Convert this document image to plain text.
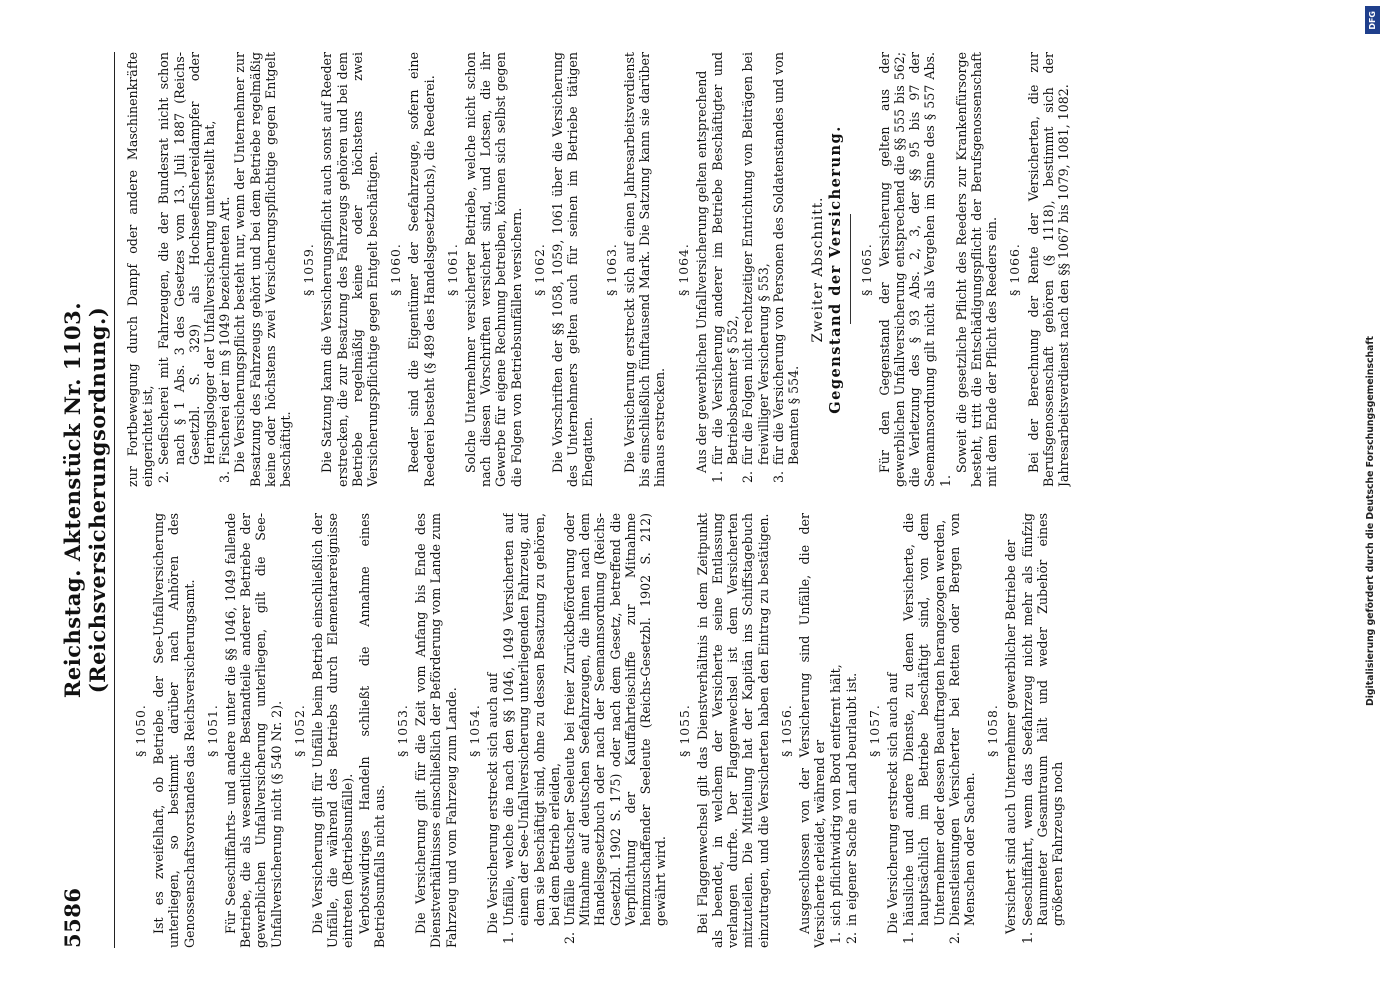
5586
Reichstag. Aktenstück Nr. 1103. (Reichsversicherungsordnung.)
§ 1050. Ist es zweifelhaft, ob Betriebe der See-Unfallversicherung unterliegen, so bestimmt darüber nach Anhören des Genossenschaftsvorstandes das Reichsversicherungsamt. § 1051. Für Seeschiffahrts- und andere unter die §§ 1046, 1049 fallende Betriebe, die als wesentliche Bestandteile anderer Betriebe der gewerblichen Unfallversicherung unterliegen, gilt die See-Unfallversicherung nicht (§ 540 Nr. 2). § 1052. Die Versicherung gilt für Unfälle beim Betrieb einschließlich der Unfälle, die während des Betriebs durch Elementarereignisse eintreten (Betriebsunfälle). Verbotswidriges Handeln schließt die Annahme eines Betriebsunfalls nicht aus.

§ 1053. Die Versicherung gilt für die Zeit vom Anfang bis Ende des Dienstverhältnisses einschließlich der Beförderung vom Lande zum Fahrzeug und vom Fahrzeug zum Lande. § 1054. Die Versicherung erstreckt sich auch auf

1.
Unfälle, welche die nach den §§ 1046, 1049 Versicherten auf einem der See-Unfallversicherung unterliegenden Fahrzeug, auf dem sie beschäftigt sind, ohne zu dessen Besatzung zu gehören, bei dem Betrieb erleiden,
2.
Unfälle deutscher Seeleute bei freier Zurückbeförderung oder Mitnahme auf deutschen Seefahrzeugen, die ihnen nach dem Handelsgesetzbuch oder nach der Seemannsordnung (Reichs-Gesetzbl. 1902 S. 175) oder nach dem Gesetz, betreffend die Verpflichtung der Kauffahrteischiffe zur Mitnahme heimzuschaffender Seeleute (Reichs-Gesetzbl. 1902 S. 212) gewährt wird.
§ 1055. Bei Flaggenwechsel gilt das Dienstverhältnis in dem Zeitpunkt als beendet, in welchem der Versicherte seine Entlassung verlangen durfte. Der Flaggenwechsel ist dem Versicherten mitzuteilen. Die Mitteilung hat der Kapitän ins Schiffstagebuch einzutragen, und die Versicherten haben den Eintrag zu bestätigen. § 1056. Ausgeschlossen von der Versicherung sind Unfälle, die der Versicherte erleidet, während er 1.
sich pflichtwidrig von Bord entfernt hält,
2.
in eigener Sache an Land beurlaubt ist. § 1057. Die Versicherung erstreckt sich auch auf

1.
häusliche und andere Dienste, zu denen Versicherte, die hauptsächlich im Betriebe beschäftigt sind, von dem Unternehmer oder dessen Beauftragten herangezogen werden,
2.
Dienstleistungen Versicherter bei Retten oder Bergen von Menschen oder Sachen.
§ 1058. Versichert sind auch Unternehmer gewerblicher Betriebe der

1.
Seeschiffahrt, wenn das Seefahrzeug nicht mehr als fünfzig Raummeter Gesamtraum hält und weder Zubehör eines größeren Fahrzeugs noch

zur Fortbewegung durch Dampf oder andere Maschinenkräfte eingerichtet ist, 2.
Seefischerei mit Fahrzeugen, die der Bundesrat nicht schon nach § 1 Abs. 3 des Gesetzes vom 13. Juli 1887 (Reichs-Gesetzbl. S. 329) als Hochseefischereidampfer oder Heringslogger der Unfallversicherung unterstellt hat,
3.
Fischerei der im § 1049 bezeichneten Art. Die Versicherungspflicht besteht nur, wenn der Unternehmer zur Besatzung des Fahrzeugs gehört und bei dem Betriebe regelmäßig keine oder höchstens zwei Versicherungspflichtige gegen Entgelt beschäftigt.

§ 1059. Die Satzung kann die Versicherungspflicht auch sonst auf Reeder erstrecken, die zur Besatzung des Fahrzeugs gehören und bei dem Betriebe regelmäßig keine oder höchstens zwei Versicherungspflichtige gegen Entgelt beschäftigen. § 1060. Reeder sind die Eigentümer der Seefahrzeuge, sofern eine Reederei besteht (§ 489 des Handelsgesetzbuchs), die Reederei. § 1061. Solche Unternehmer versicherter Betriebe, welche nicht schon nach diesen Vorschriften versichert sind, und Lotsen, die ihr Gewerbe für eigene Rechnung betreiben, können sich selbst gegen die Folgen von Betriebsunfällen versichern. § 1062. Die Vorschriften der §§ 1058, 1059, 1061 über die Versicherung des Unternehmers gelten auch für seinen im Betriebe tätigen Ehegatten.

§ 1063. Die Versicherung erstreckt sich auf einen Jahresarbeitsverdienst bis einschließlich fünftausend Mark. Die Satzung kann sie darüber hinaus erstrecken.

§ 1064. Aus der gewerblichen Unfallversicherung gelten entsprechend

1.
für die Versicherung anderer im Betriebe Beschäftigter und Betriebsbeamter § 552,
2.
für die Folgen nicht rechtzeitiger Entrichtung von Beiträgen bei freiwilliger Versicherung § 553,
3.
für die Versicherung von Personen des Soldatenstandes und von Beamten § 554.
Zweiter Abschnitt. Gegenstand der Versicherung. § 1065. Für den Gegenstand der Versicherung gelten aus der gewerblichen Unfallversicherung entsprechend die §§ 555 bis 562; die Verletzung des § 93 Abs. 2, 3, der §§ 95 bis 97 der Seemannsordnung gilt nicht als Vergehen im Sinne des § 557 Abs. 1.

Soweit die gesetzliche Pflicht des Reeders zur Krankenfürsorge besteht, tritt die Entschädigungspflicht der Berufsgenossenschaft mit dem Ende der Pflicht des Reeders ein. § 1066. Bei der Berechnung der Rente der Versicherten, die zur Berufsgenossenschaft gehören (§ 1118), bestimmt sich der Jahresarbeitsverdienst nach den §§ 1067 bis 1079, 1081, 1082.

Digitalisierung gefördert durch die Deutsche Forschungsgemeinschaft
DFG
